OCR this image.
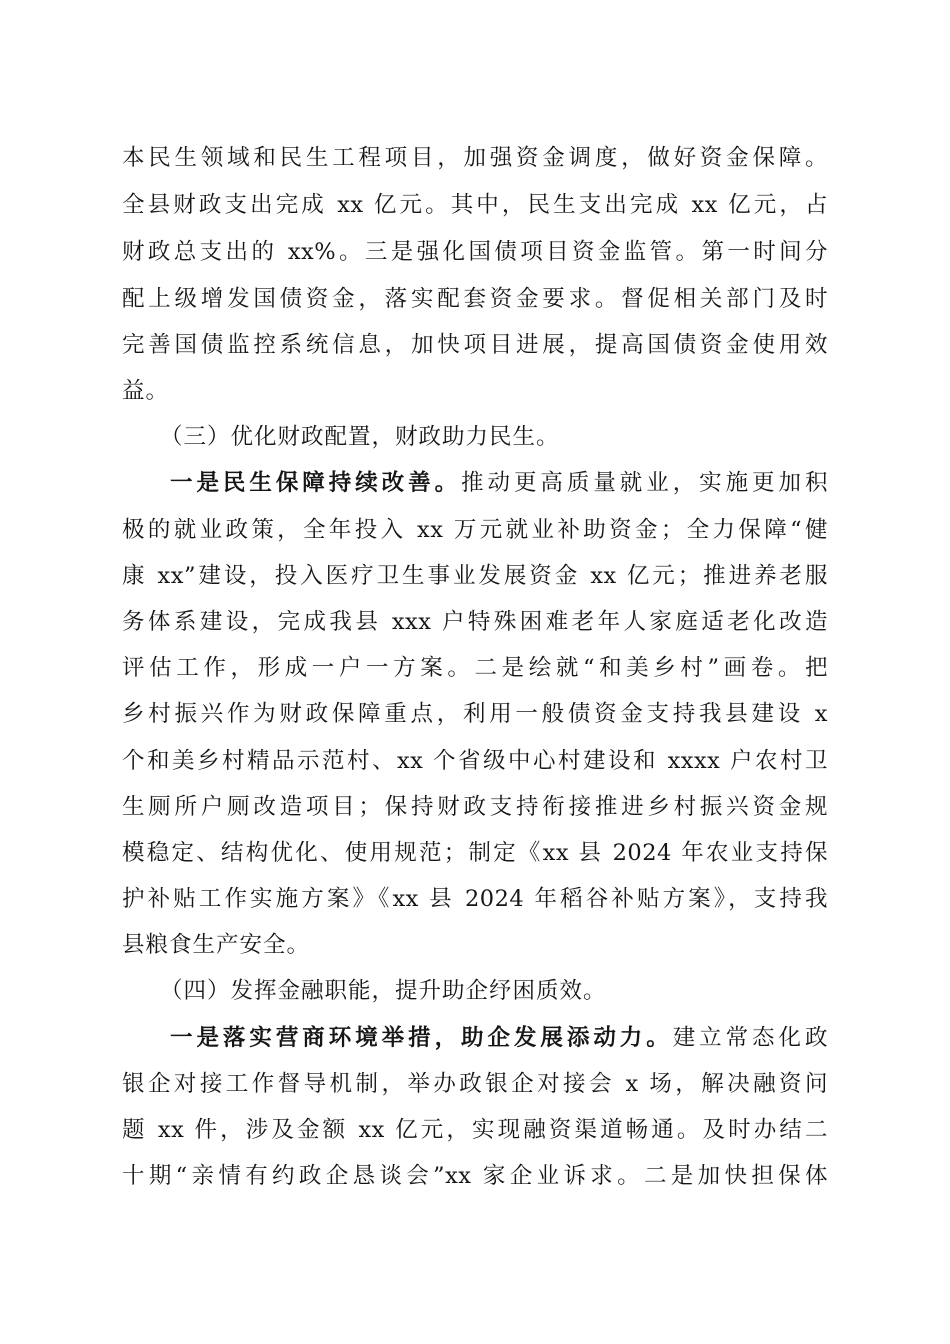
本民生领域和民生工程项目，加强资金调度，做好资金保障。
全县财政支出完成 xx 亿元。其中，民生支出完成 xx 亿元，占
财政总支出的 xx%。三是强化国债项目资金监管。第一时间分
配上级增发国债资金，落实配套资金要求。督促相关部门及时
完善国债监控系统信息，加快项目进展，提高国债资金使用效
益。
（三）优化财政配置，财政助力民生。
一是民生保障持续改善。推动更高质量就业，实施更加积
极的就业政策，全年投入 xx 万元就业补助资金；全力保障“健
康 xx”建设，投入医疗卫生事业发展资金 xx 亿元；推进养老服
务体系建设，完成我县 xxx 户特殊困难老年人家庭适老化改造
评估工作，形成一户一方案。二是绘就“和美乡村”画卷。把
乡村振兴作为财政保障重点，利用一般债资金支持我县建设 x
个和美乡村精品示范村、xx 个省级中心村建设和 xxxx 户农村卫
生厕所户厕改造项目；保持财政支持衔接推进乡村振兴资金规
模稳定、结构优化、使用规范；制定《xx 县 2024 年农业支持保
护补贴工作实施方案》《xx 县 2024 年稻谷补贴方案》，支持我
县粮食生产安全。
（四）发挥金融职能，提升助企纾困质效。
一是落实营商环境举措，助企发展添动力。建立常态化政
银企对接工作督导机制，举办政银企对接会 x 场，解决融资问
题 xx 件，涉及金额 xx 亿元，实现融资渠道畅通。及时办结二
十期“亲情有约政企恳谈会”xx 家企业诉求。二是加快担保体
